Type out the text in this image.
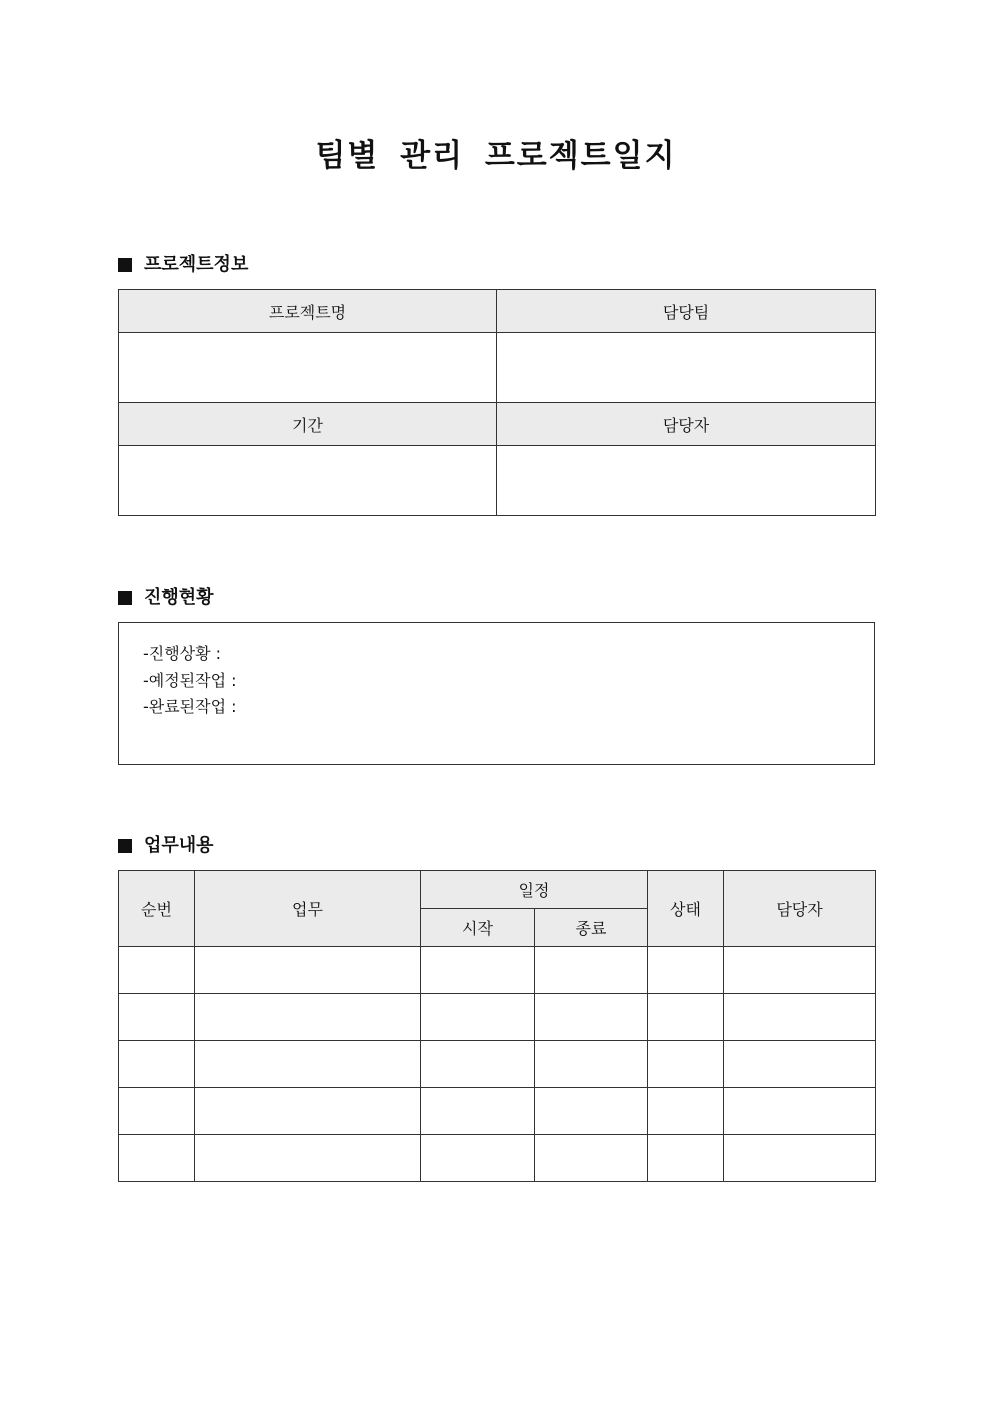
팀별 관리 프로젝트일지
프로젝트정보
프로젝트명	담당팀

기간	담당자

진행현황
-진행상황 :
-예정된작업 :
-완료된작업 :
업무내용
순번	업무	일정		상태	담당자
		시작	종료		
